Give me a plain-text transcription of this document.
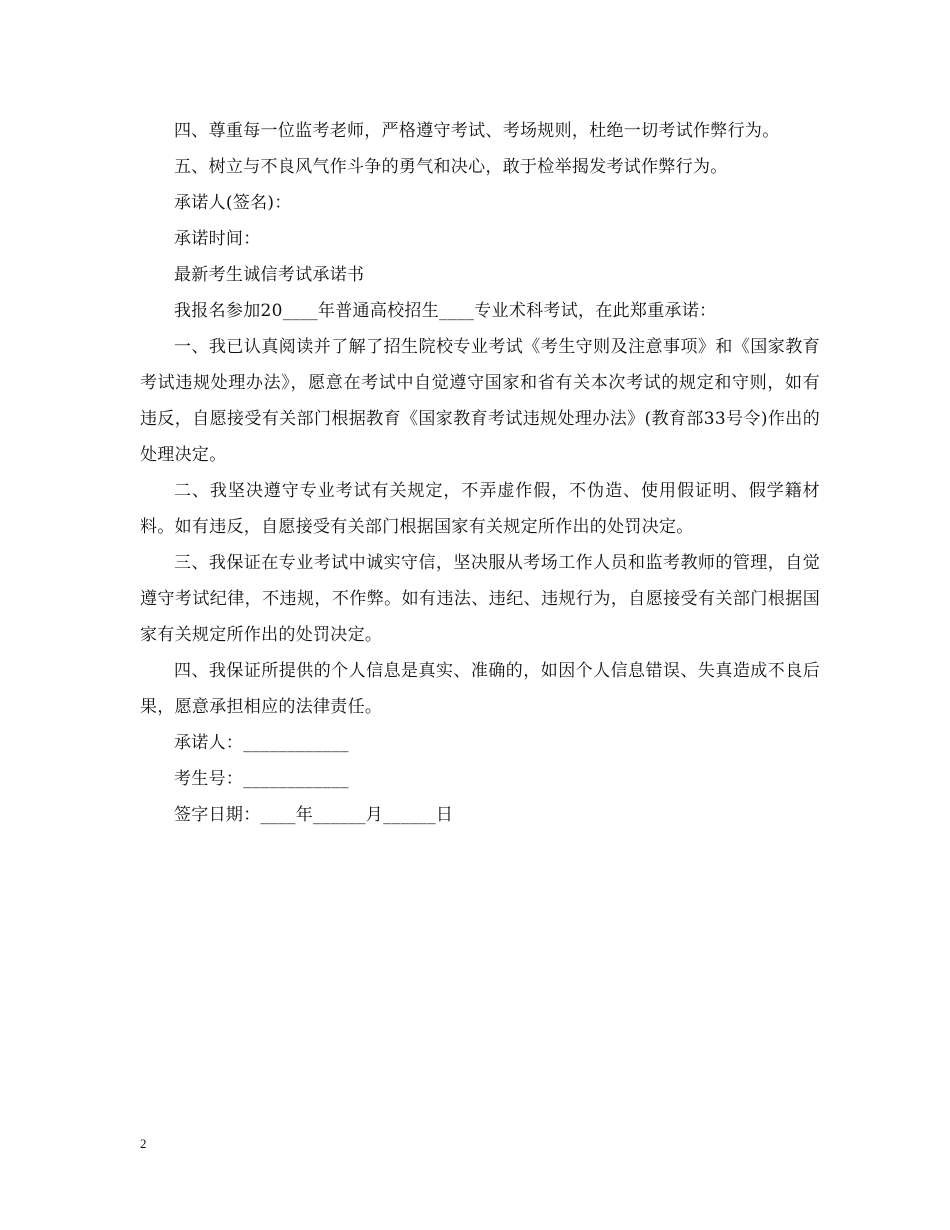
四、尊重每一位监考老师，严格遵守考试、考场规则，杜绝一切考试作弊行为。

五、树立与不良风气作斗争的勇气和决心，敢于检举揭发考试作弊行为。

承诺人(签名)：

承诺时间：

最新考生诚信考试承诺书

我报名参加20____年普通高校招生____专业术科考试，在此郑重承诺：

一、我已认真阅读并了解了招生院校专业考试《考生守则及注意事项》和《国家教育考试违规处理办法》，愿意在考试中自觉遵守国家和省有关本次考试的规定和守则，如有违反，自愿接受有关部门根据教育《国家教育考试违规处理办法》(教育部33号令)作出的处理决定。

二、我坚决遵守专业考试有关规定，不弄虚作假，不伪造、使用假证明、假学籍材料。如有违反，自愿接受有关部门根据国家有关规定所作出的处罚决定。

三、我保证在专业考试中诚实守信，坚决服从考场工作人员和监考教师的管理，自觉遵守考试纪律，不违规，不作弊。如有违法、违纪、违规行为，自愿接受有关部门根据国家有关规定所作出的处罚决定。

四、我保证所提供的个人信息是真实、准确的，如因个人信息错误、失真造成不良后果，愿意承担相应的法律责任。

承诺人：____________

考生号：____________

签字日期：____年______月______日

2
